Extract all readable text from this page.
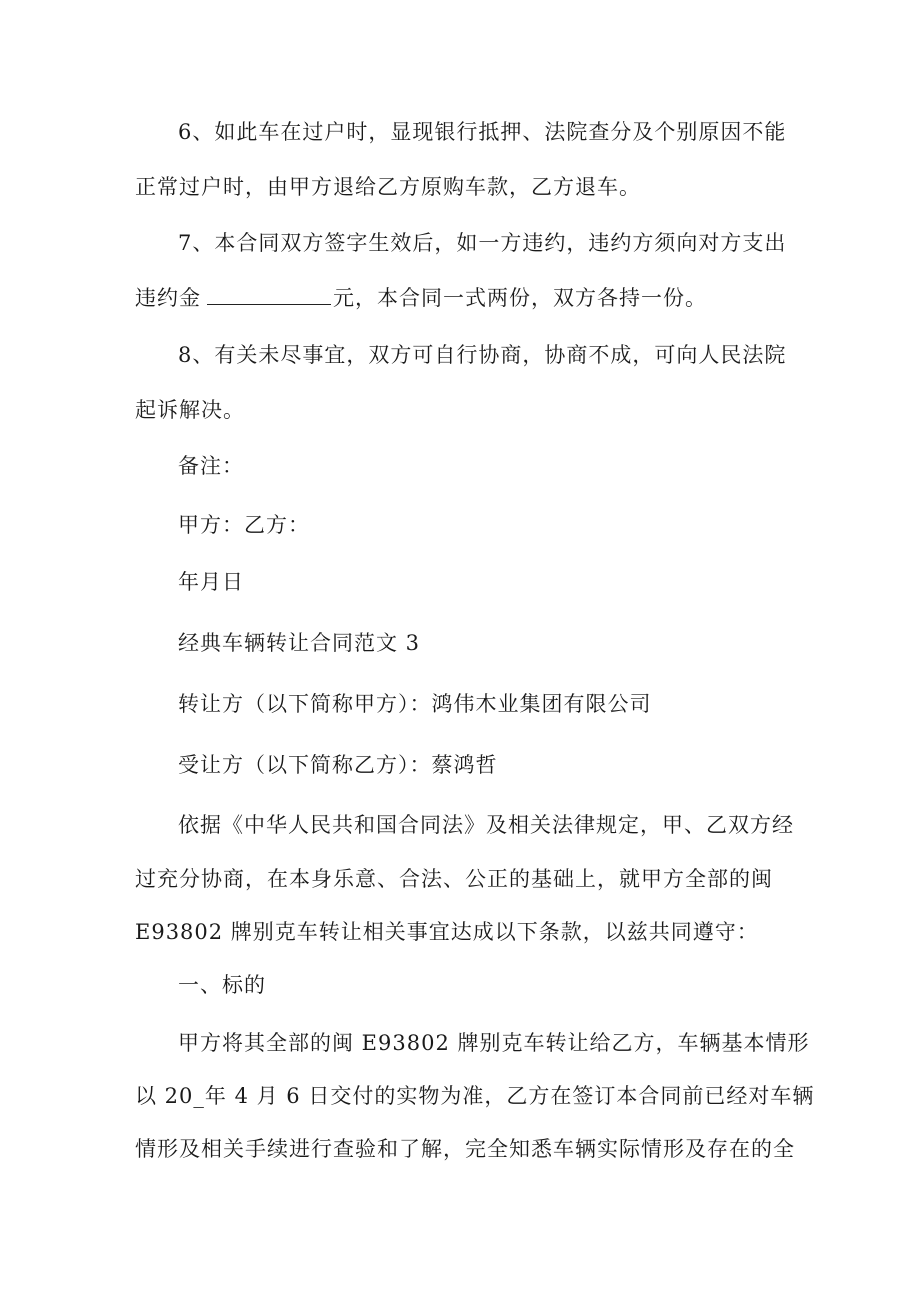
6、如此车在过户时，显现银行抵押、法院查分及个别原因不能
正常过户时，由甲方退给乙方原购车款，乙方退车。
7、本合同双方签字生效后，如一方违约，违约方须向对方支出
违约金	元，本合同一式两份，双方各持一份。
8、有关未尽事宜，双方可自行协商，协商不成，可向人民法院
起诉解决。
备注：
甲方：乙方：
年月日
经典车辆转让合同范文 3
转让方（以下简称甲方）：鸿伟木业集团有限公司
受让方（以下简称乙方）：蔡鸿哲
依据《中华人民共和国合同法》及相关法律规定，甲、乙双方经
过充分协商，在本身乐意、合法、公正的基础上，就甲方全部的闽
E93802 牌别克车转让相关事宜达成以下条款，以兹共同遵守：
一、标的
甲方将其全部的闽 E93802 牌别克车转让给乙方，车辆基本情形
以 20_年 4 月 6 日交付的实物为准，乙方在签订本合同前已经对车辆
情形及相关手续进行查验和了解，完全知悉车辆实际情形及存在的全
